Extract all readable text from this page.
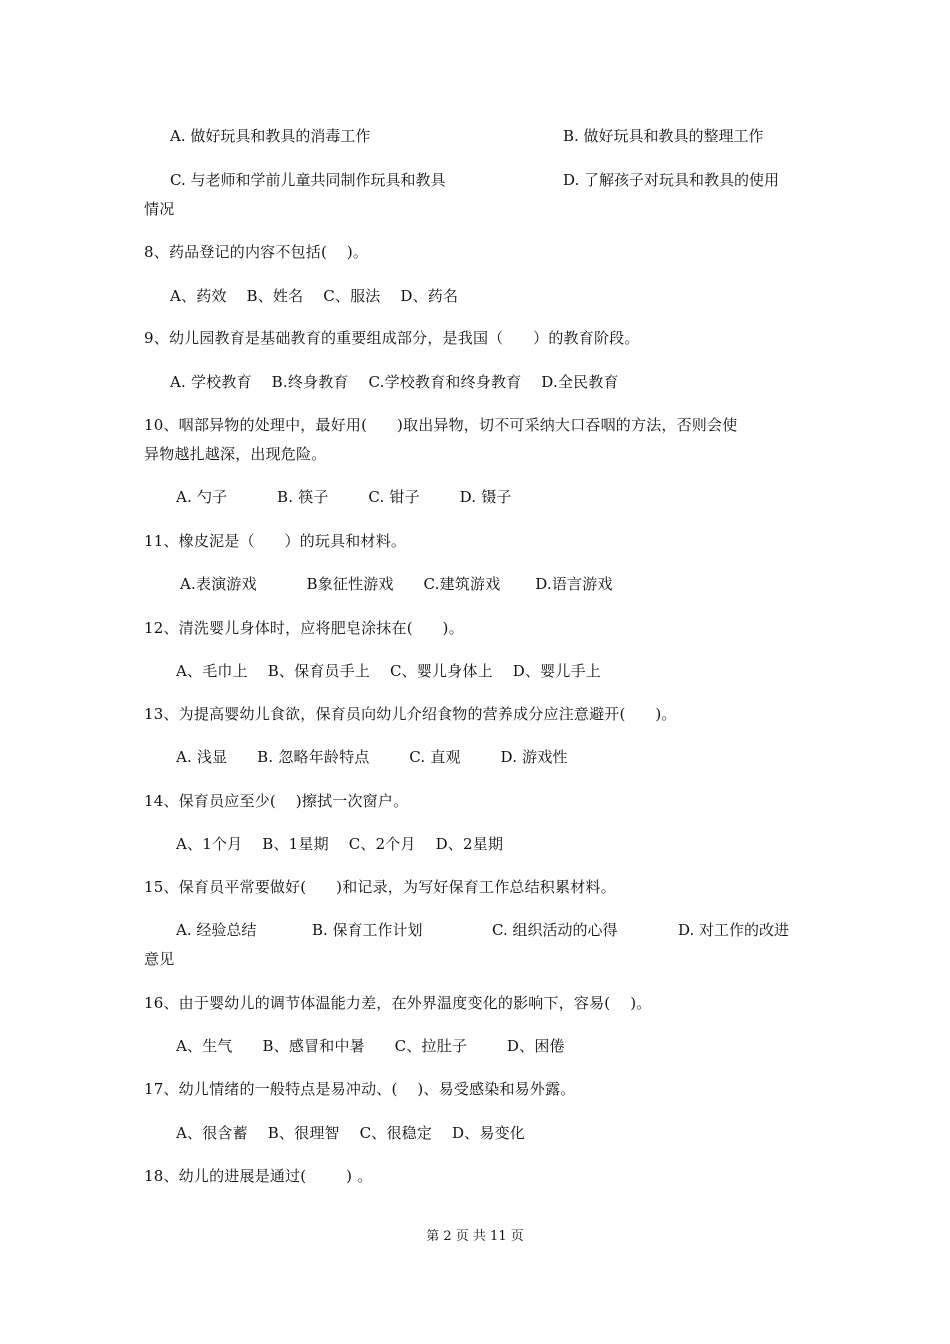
A. 做好玩具和教具的消毒工作	B. 做好玩具和教具的整理工作
C. 与老师和学前儿童共同制作玩具和教具	D. 了解孩子对玩具和教具的使用
情况
8、药品登记的内容不包括(    )。
A、药效    B、姓名    C、服法    D、药名
9、幼儿园教育是基础教育的重要组成部分，是我国（      ）的教育阶段。
A. 学校教育    B.终身教育    C.学校教育和终身教育    D.全民教育
10、咽部异物的处理中，最好用(      )取出异物，切不可采纳大口吞咽的方法，否则会使
异物越扎越深，出现危险。
A. 勺子          B. 筷子        C. 钳子        D. 镊子
11、橡皮泥是（      ）的玩具和材料。
A.表演游戏          B象征性游戏      C.建筑游戏       D.语言游戏
12、清洗婴儿身体时，应将肥皂涂抹在(      )。
A、毛巾上    B、保育员手上    C、婴儿身体上    D、婴儿手上
13、为提高婴幼儿食欲，保育员向幼儿介绍食物的营养成分应注意避开(      )。
A. 浅显      B. 忽略年龄特点        C. 直观        D. 游戏性
14、保育员应至少(    )擦拭一次窗户。
A、1个月    B、1星期    C、2个月    D、2星期
15、保育员平常要做好(      )和记录，为写好保育工作总结积累材料。
A. 经验总结	B. 保育工作计划	C. 组织活动的心得	D. 对工作的改进
意见
16、由于婴幼儿的调节体温能力差，在外界温度变化的影响下，容易(    )。
A、生气      B、感冒和中暑      C、拉肚子        D、困倦
17、幼儿情绪的一般特点是易冲动、(    )、易受感染和易外露。
A、很含蓄    B、很理智    C、很稳定    D、易变化
18、幼儿的进展是通过(        ) 。
第 2 页 共 11 页
